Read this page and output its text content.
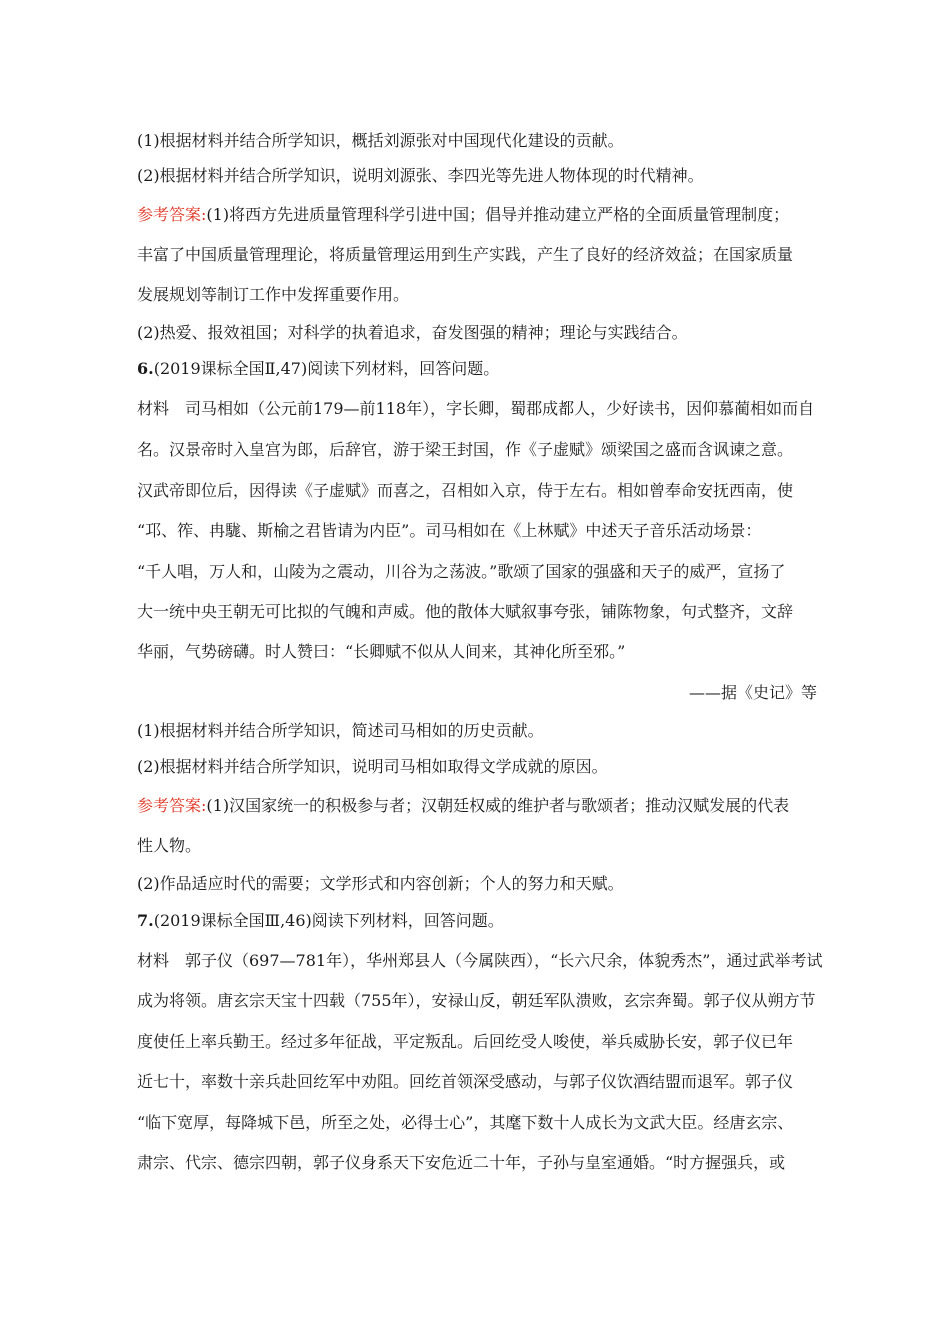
(1)根据材料并结合所学知识，概括刘源张对中国现代化建设的贡献。
(2)根据材料并结合所学知识，说明刘源张、李四光等先进人物体现的时代精神。
参考答案:(1)将西方先进质量管理科学引进中国；倡导并推动建立严格的全面质量管理制度；
丰富了中国质量管理理论，将质量管理运用到生产实践，产生了良好的经济效益；在国家质量
发展规划等制订工作中发挥重要作用。
(2)热爱、报效祖国；对科学的执着追求，奋发图强的精神；理论与实践结合。
6.(2019课标全国Ⅱ,47)阅读下列材料，回答问题。
材料　司马相如（公元前179—前118年），字长卿，蜀郡成都人，少好读书，因仰慕蔺相如而自
名。汉景帝时入皇宫为郎，后辞官，游于梁王封国，作《子虚赋》颂梁国之盛而含讽谏之意。
汉武帝即位后，因得读《子虚赋》而喜之，召相如入京，侍于左右。相如曾奉命安抚西南，使
“邛、筰、冉駹、斯榆之君皆请为内臣”。司马相如在《上林赋》中述天子音乐活动场景：
“千人唱，万人和，山陵为之震动，川谷为之荡波。”歌颂了国家的强盛和天子的威严，宣扬了
大一统中央王朝无可比拟的气魄和声威。他的散体大赋叙事夸张，铺陈物象，句式整齐，文辞
华丽，气势磅礴。时人赞曰：“长卿赋不似从人间来，其神化所至邪。”
——据《史记》等
(1)根据材料并结合所学知识，简述司马相如的历史贡献。
(2)根据材料并结合所学知识，说明司马相如取得文学成就的原因。
参考答案:(1)汉国家统一的积极参与者；汉朝廷权威的维护者与歌颂者；推动汉赋发展的代表
性人物。
(2)作品适应时代的需要；文学形式和内容创新；个人的努力和天赋。
7.(2019课标全国Ⅲ,46)阅读下列材料，回答问题。
材料　郭子仪（697—781年），华州郑县人（今属陕西），“长六尺余，体貌秀杰”，通过武举考试
成为将领。唐玄宗天宝十四载（755年），安禄山反，朝廷军队溃败，玄宗奔蜀。郭子仪从朔方节
度使任上率兵勤王。经过多年征战，平定叛乱。后回纥受人唆使，举兵威胁长安，郭子仪已年
近七十，率数十亲兵赴回纥军中劝阻。回纥首领深受感动，与郭子仪饮酒结盟而退军。郭子仪
“临下宽厚，每降城下邑，所至之处，必得士心”，其麾下数十人成长为文武大臣。经唐玄宗、
肃宗、代宗、德宗四朝，郭子仪身系天下安危近二十年，子孙与皇室通婚。“时方握强兵，或
